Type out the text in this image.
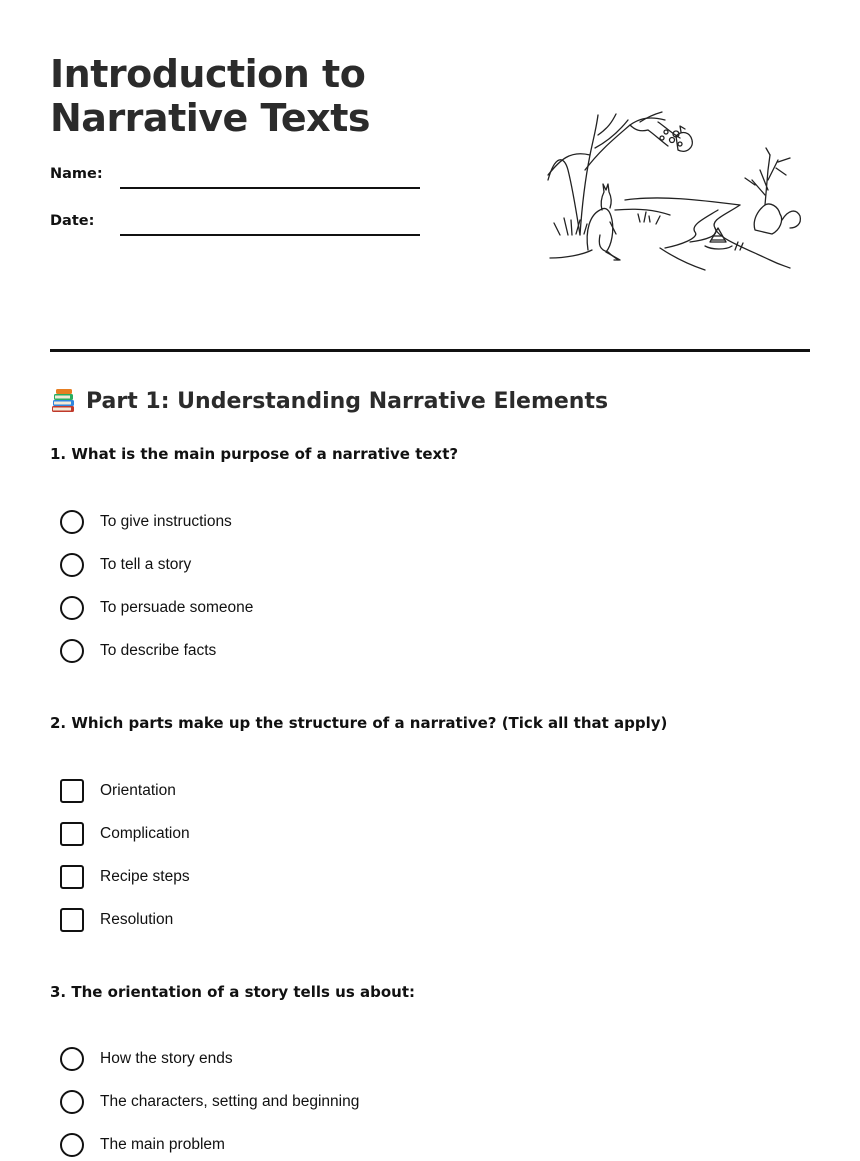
Introduction to
Narrative Texts
Name:
Date:
Part 1: Understanding Narrative Elements

1. What is the main purpose of a narrative text?

To give instructions
To tell a story
To persuade someone
To describe facts

2. Which parts make up the structure of a narrative? (Tick all that apply)

Orientation
Complication
Recipe steps
Resolution

3. The orientation of a story tells us about:

How the story ends
The characters, setting and beginning
The main problem
